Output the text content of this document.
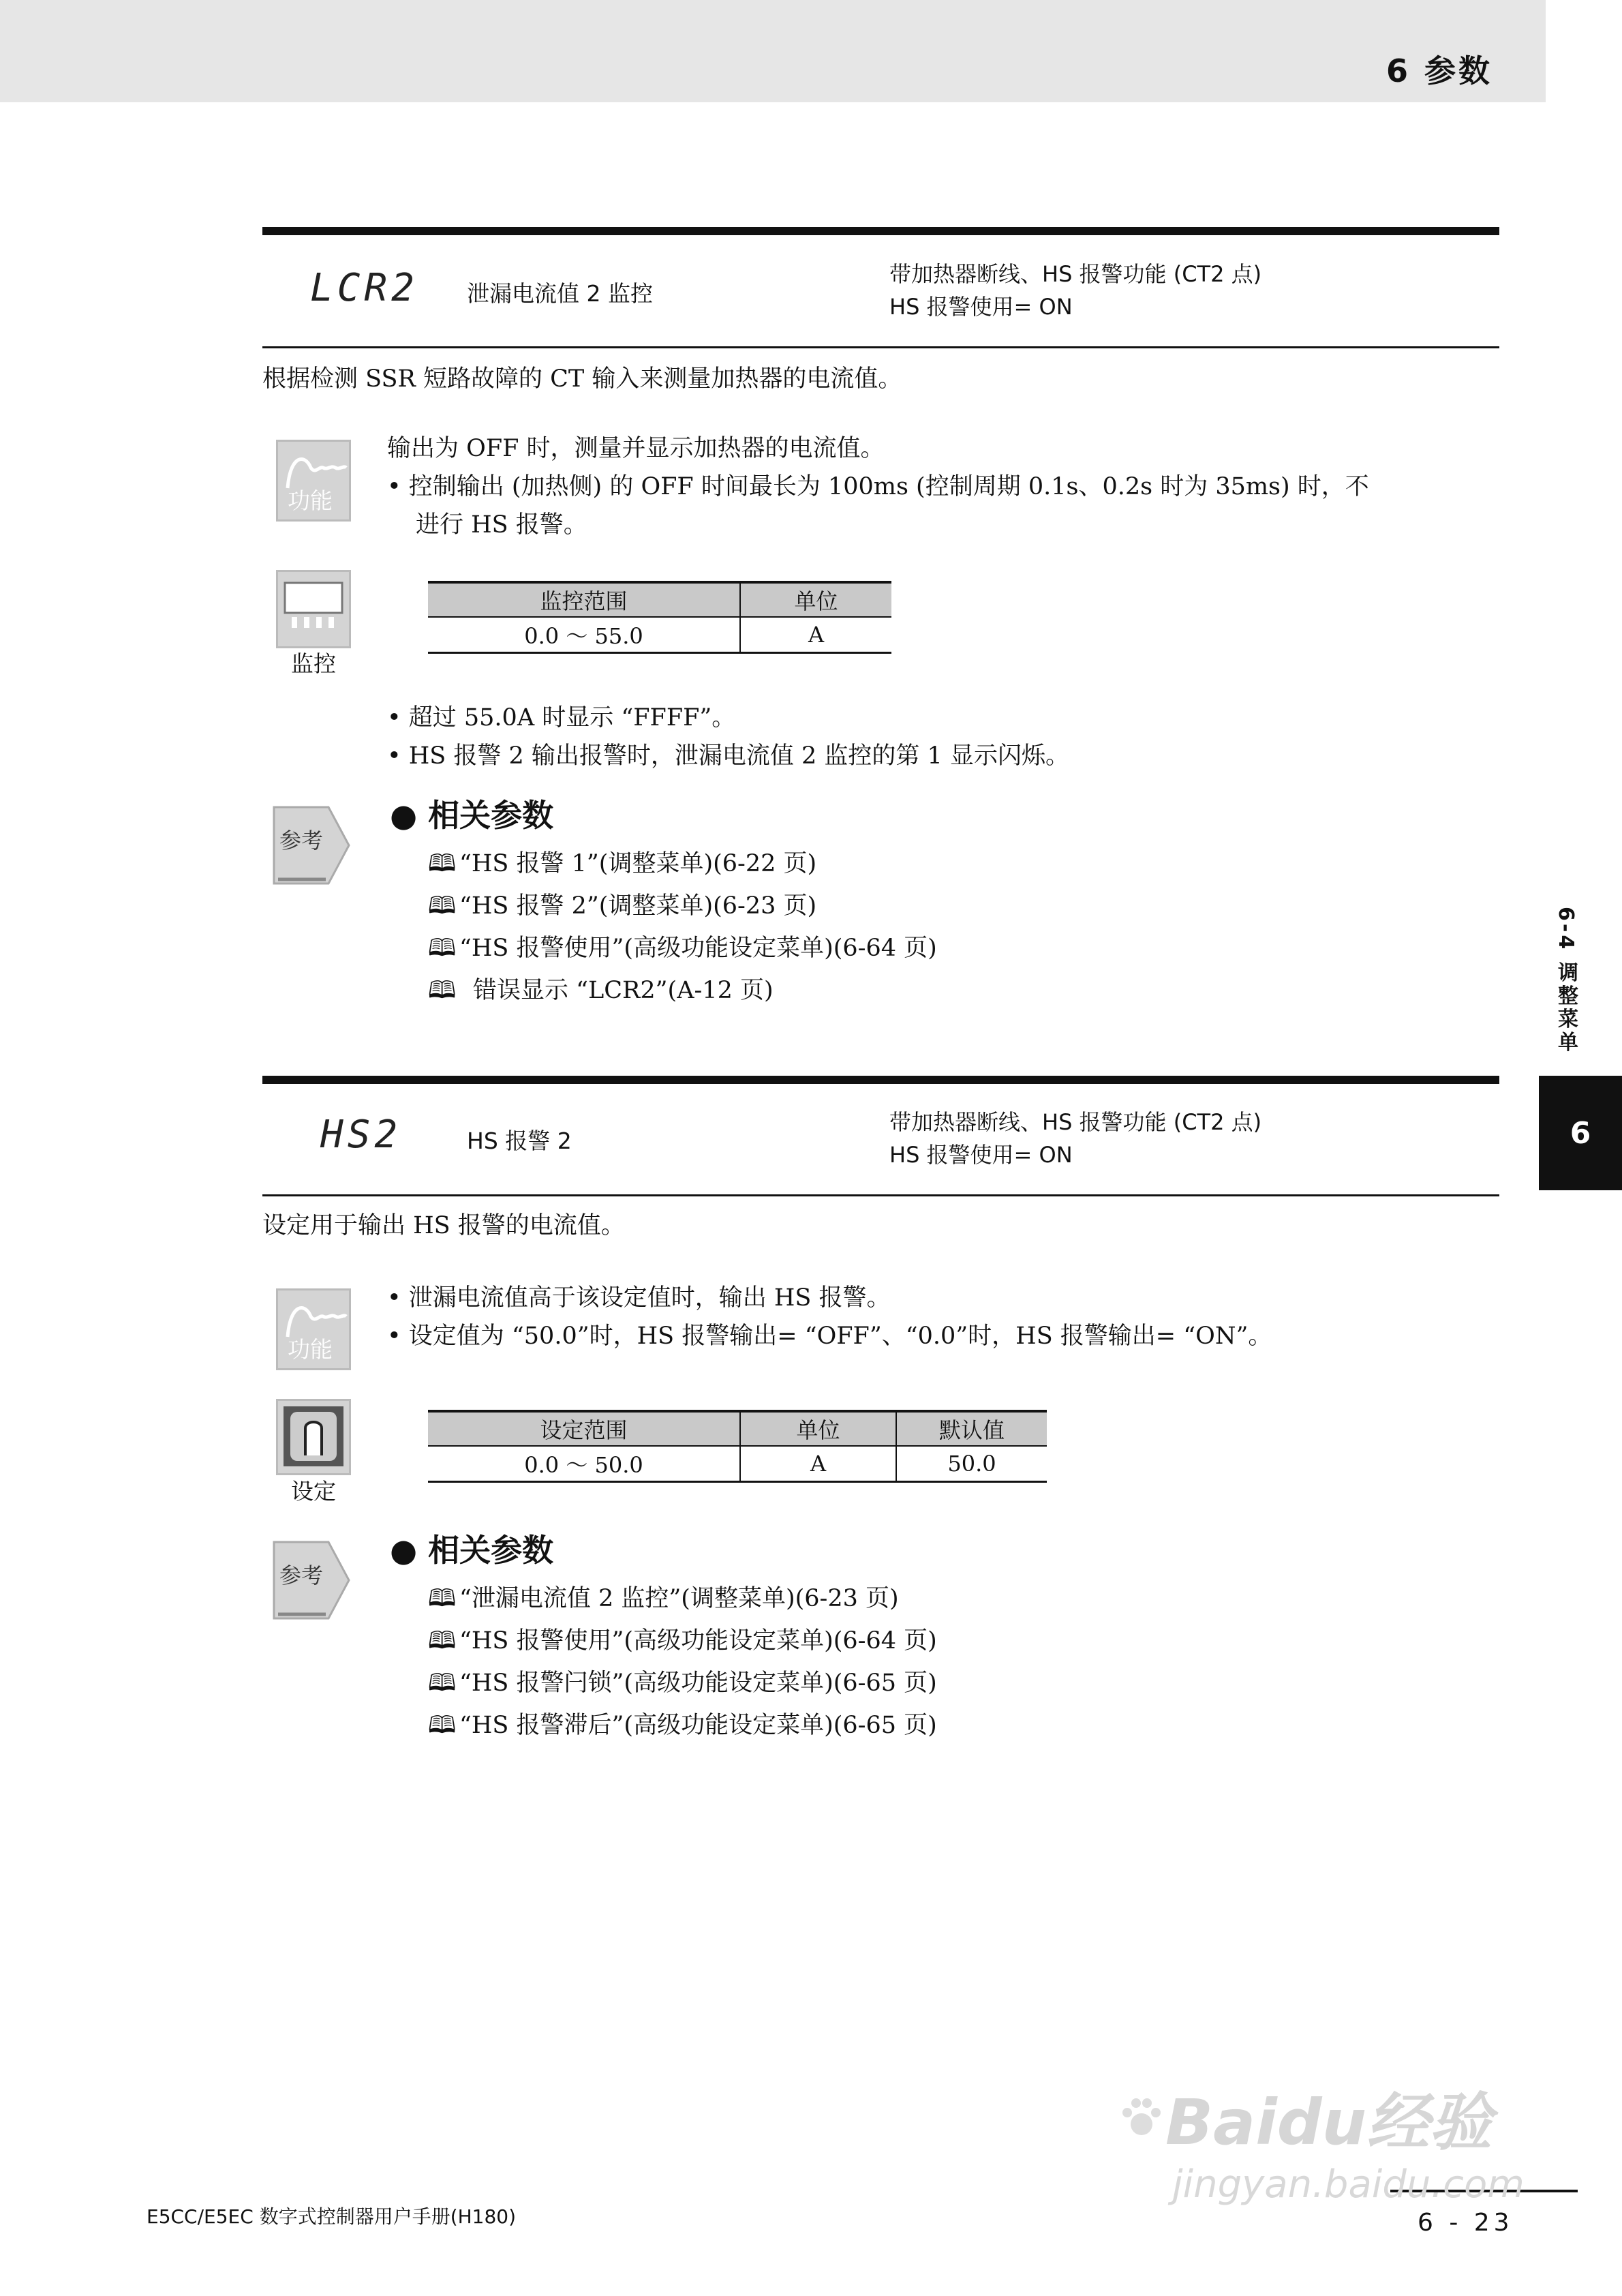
6 参数
LCR2 泄漏电流值 2 监控
带加热器断线、HS 报警功能 (CT2 点)
HS 报警使用= ON
根据检测 SSR 短路故障的 CT 输入来测量加热器的电流值。
功能
输出为 OFF 时，测量并显示加热器的电流值。
• 控制输出 (加热侧) 的 OFF 时间最长为 100ms (控制周期 0.1s、0.2s 时为 35ms) 时，不
进行 HS 报警。
监控
监控范围	单位
0.0 ～ 55.0	A
• 超过 55.0A 时显示 “FFFF”。
• HS 报警 2 输出报警时，泄漏电流值 2 监控的第 1 显示闪烁。
参考
● 相关参数
🕮 “HS 报警 1”(调整菜单)(6-22 页)
🕮 “HS 报警 2”(调整菜单)(6-23 页)
🕮 “HS 报警使用”(高级功能设定菜单)(6-64 页)
🕮 错误显示 “LCR2”(A-12 页)
HS2	HS 报警 2
带加热器断线、HS 报警功能 (CT2 点)
HS 报警使用= ON
设定用于输出 HS 报警的电流值。
功能
• 泄漏电流值高于该设定值时，输出 HS 报警。
• 设定值为 “50.0”时，HS 报警输出= “OFF”、“0.0”时，HS 报警输出= “ON”。
设定
设定范围	单位	默认值
0.0 ～ 50.0	A	50.0
参考
● 相关参数
🕮 “泄漏电流值 2 监控”(调整菜单)(6-23 页)
🕮 “HS 报警使用”(高级功能设定菜单)(6-64 页)
🕮 “HS 报警闩锁”(高级功能设定菜单)(6-65 页)
🕮 “HS 报警滞后”(高级功能设定菜单)(6-65 页)
6-4 调整菜单
6
E5CC/E5EC 数字式控制器用户手册(H180)	6 - 23
Baidu经验
jingyan.baidu.com
